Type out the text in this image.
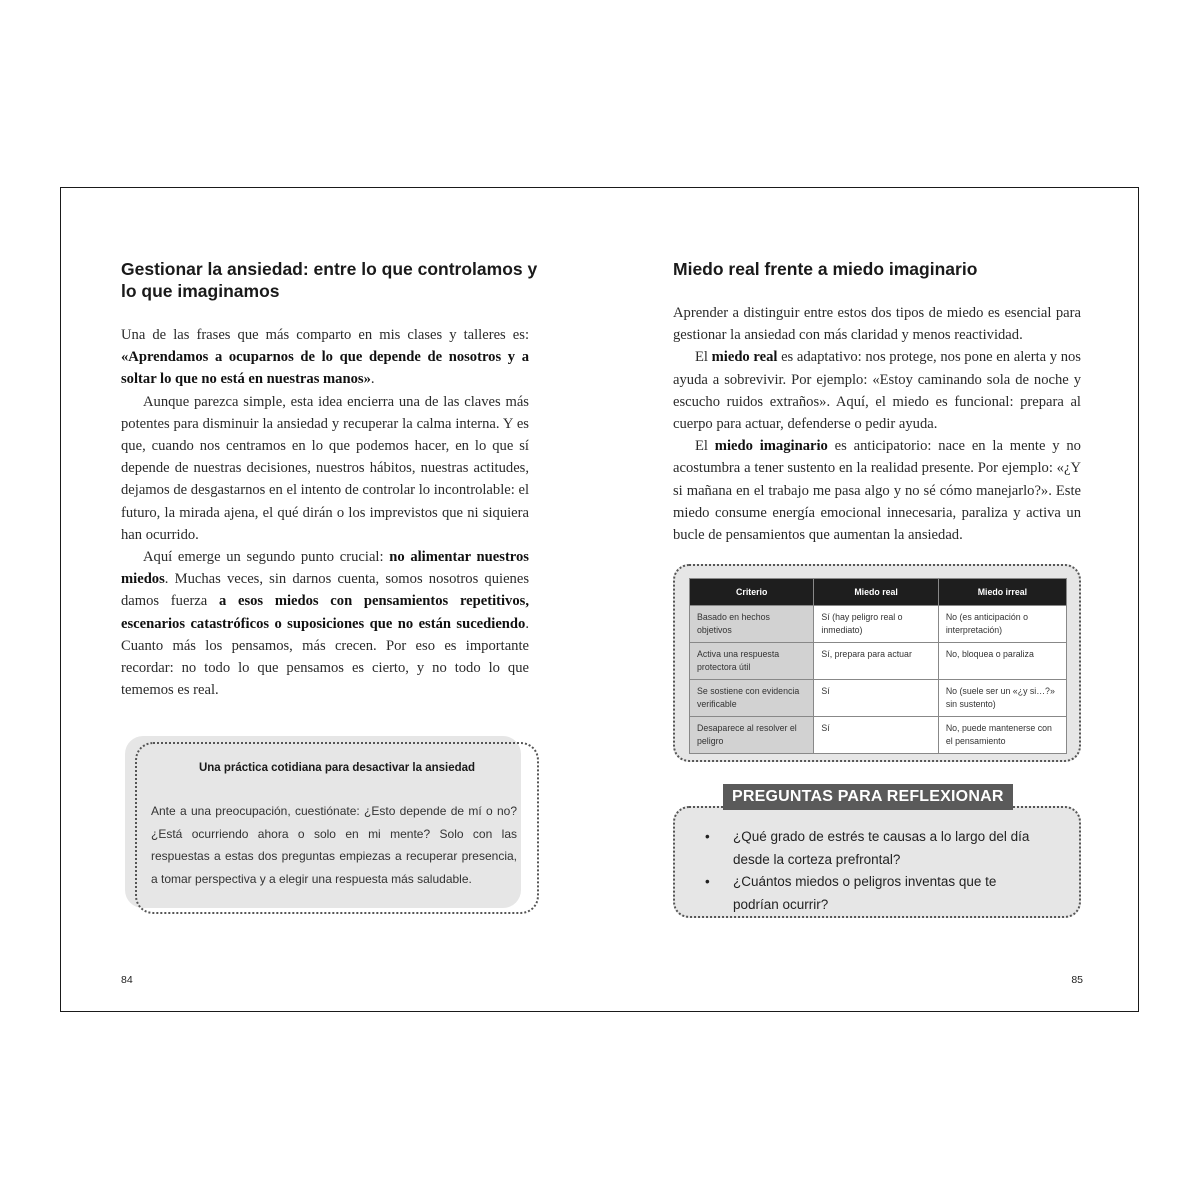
Gestionar la ansiedad: entre lo que controlamos y lo que imaginamos

Una de las frases que más comparto en mis clases y talleres es: «Aprendamos a ocuparnos de lo que depende de nosotros y a soltar lo que no está en nuestras manos».

Aunque parezca simple, esta idea encierra una de las claves más potentes para disminuir la ansiedad y recuperar la calma interna. Y es que, cuando nos centramos en lo que podemos hacer, en lo que sí depende de nuestras decisiones, nuestros hábitos, nuestras actitudes, dejamos de desgastarnos en el intento de controlar lo incontrolable: el futuro, la mirada ajena, el qué dirán o los imprevistos que ni siquiera han ocurrido.

Aquí emerge un segundo punto crucial: no alimentar nuestros miedos. Muchas veces, sin darnos cuenta, somos nosotros quienes damos fuerza a esos miedos con pensamientos repetitivos, escenarios catastróficos o suposiciones que no están sucediendo. Cuanto más los pensamos, más crecen. Por eso es importante recordar: no todo lo que pensamos es cierto, y no todo lo que tememos es real.

Una práctica cotidiana para desactivar la ansiedad
Ante a una preocupación, cuestiónate: ¿Esto depende de mí o no? ¿Está ocurriendo ahora o solo en mi mente? Solo con las respuestas a estas dos preguntas empiezas a recuperar presencia, a tomar perspectiva y a elegir una respuesta más saludable.
84
Miedo real frente a miedo imaginario

Aprender a distinguir entre estos dos tipos de miedo es esencial para gestionar la ansiedad con más claridad y menos reactividad.

El miedo real es adaptativo: nos protege, nos pone en alerta y nos ayuda a sobrevivir. Por ejemplo: «Estoy caminando sola de noche y escucho ruidos extraños». Aquí, el miedo es funcional: prepara al cuerpo para actuar, defenderse o pedir ayuda.

El miedo imaginario es anticipatorio: nace en la mente y no acostumbra a tener sustento en la realidad presente. Por ejemplo: «¿Y si mañana en el trabajo me pasa algo y no sé cómo manejarlo?». Este miedo consume energía emocional innecesaria, paraliza y activa un bucle de pensamientos que aumentan la ansiedad.

Criterio	Miedo real	Miedo irreal
Basado en hechos objetivos	Sí (hay peligro real o inmediato)	No (es anticipación o interpretación)
Activa una respuesta protectora útil	Sí, prepara para actuar	No, bloquea o paraliza
Se sostiene con evidencia verificable	Sí	No (suele ser un «¿y si…?» sin sustento)
Desaparece al resolver el peligro	Sí	No, puede mantenerse con el pensamiento
PREGUNTAS PARA REFLEXIONAR
• ¿Qué grado de estrés te causas a lo largo del día desde la corteza prefrontal?
• ¿Cuántos miedos o peligros inventas que te podrían ocurrir?
85
